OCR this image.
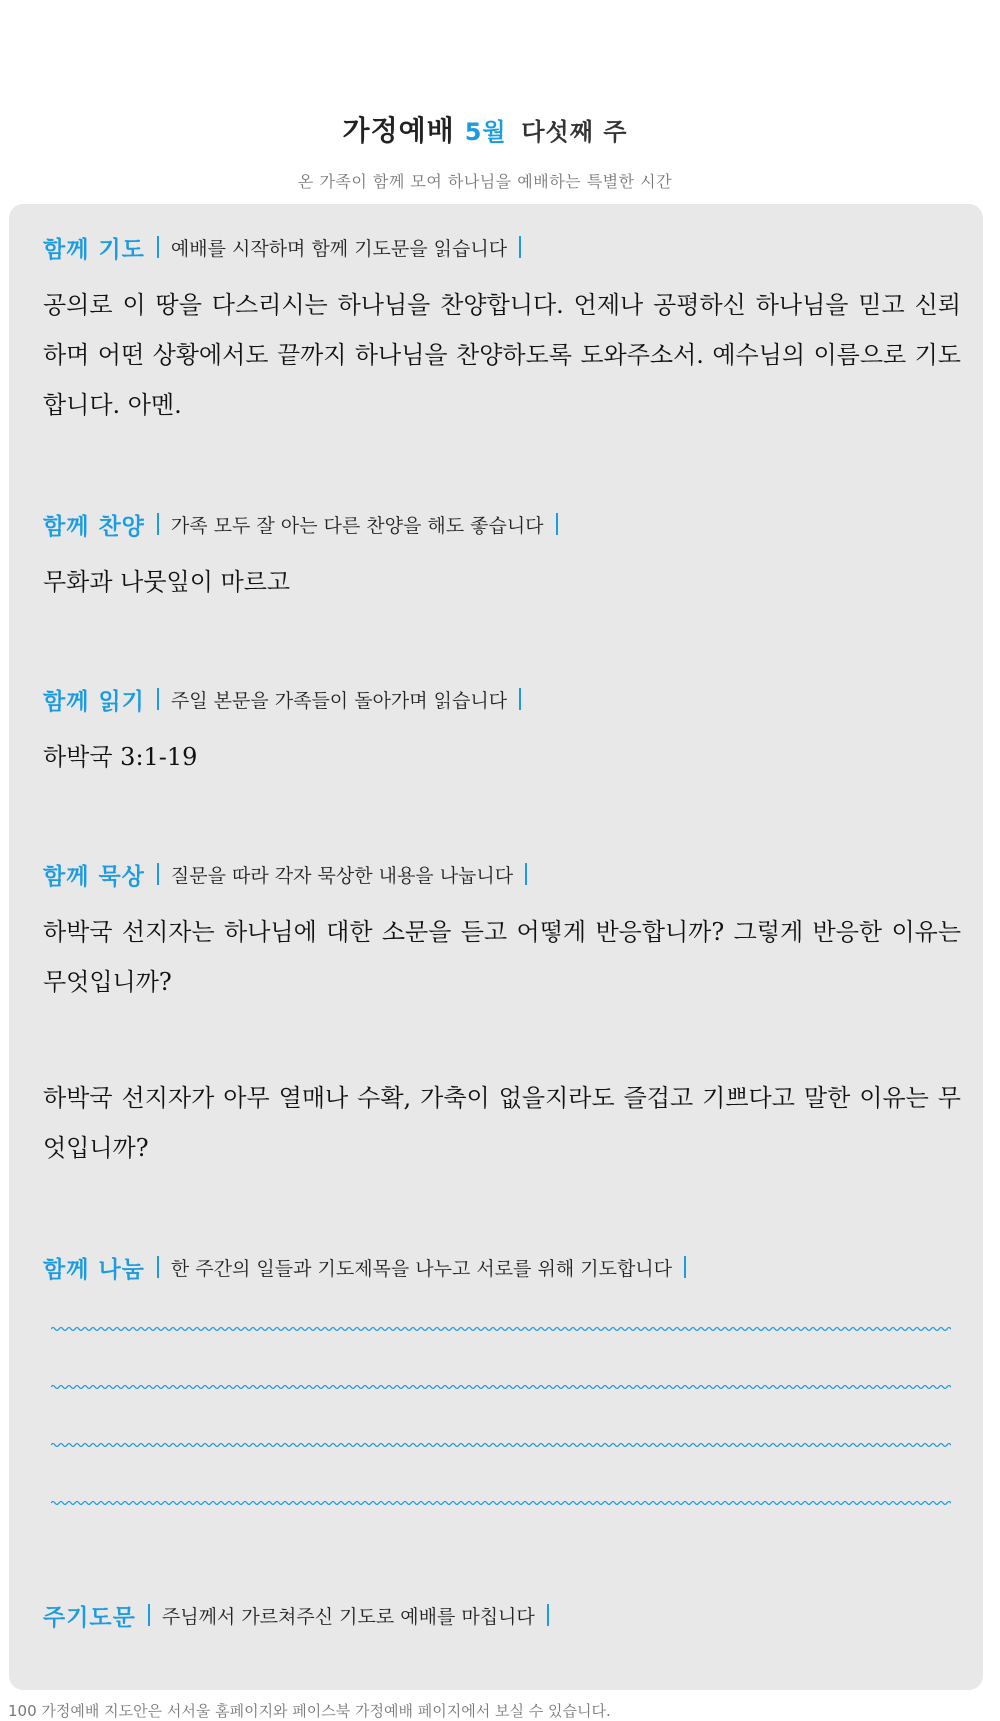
가정예배 5월 다섯째 주
온 가족이 함께 모여 하나님을 예배하는 특별한 시간
함께 기도 예배를 시작하며 함께 기도문을 읽습니다
공의로 이 땅을 다스리시는 하나님을 찬양합니다. 언제나 공평하신 하나님을 믿고 신뢰하며 어떤 상황에서도 끝까지 하나님을 찬양하도록 도와주소서. 예수님의 이름으로 기도합니다. 아멘.
함께 찬양 가족 모두 잘 아는 다른 찬양을 해도 좋습니다
무화과 나뭇잎이 마르고
함께 읽기 주일 본문을 가족들이 돌아가며 읽습니다
하박국 3:1-19
함께 묵상 질문을 따라 각자 묵상한 내용을 나눕니다
하박국 선지자는 하나님에 대한 소문을 듣고 어떻게 반응합니까? 그렇게 반응한 이유는 무엇입니까?
하박국 선지자가 아무 열매나 수확, 가축이 없을지라도 즐겁고 기쁘다고 말한 이유는 무엇입니까?
함께 나눔 한 주간의 일들과 기도제목을 나누고 서로를 위해 기도합니다
주기도문 주님께서 가르쳐주신 기도로 예배를 마칩니다
100 가정예배 지도안은 서서울 홈페이지와 페이스북 가정예배 페이지에서 보실 수 있습니다.
